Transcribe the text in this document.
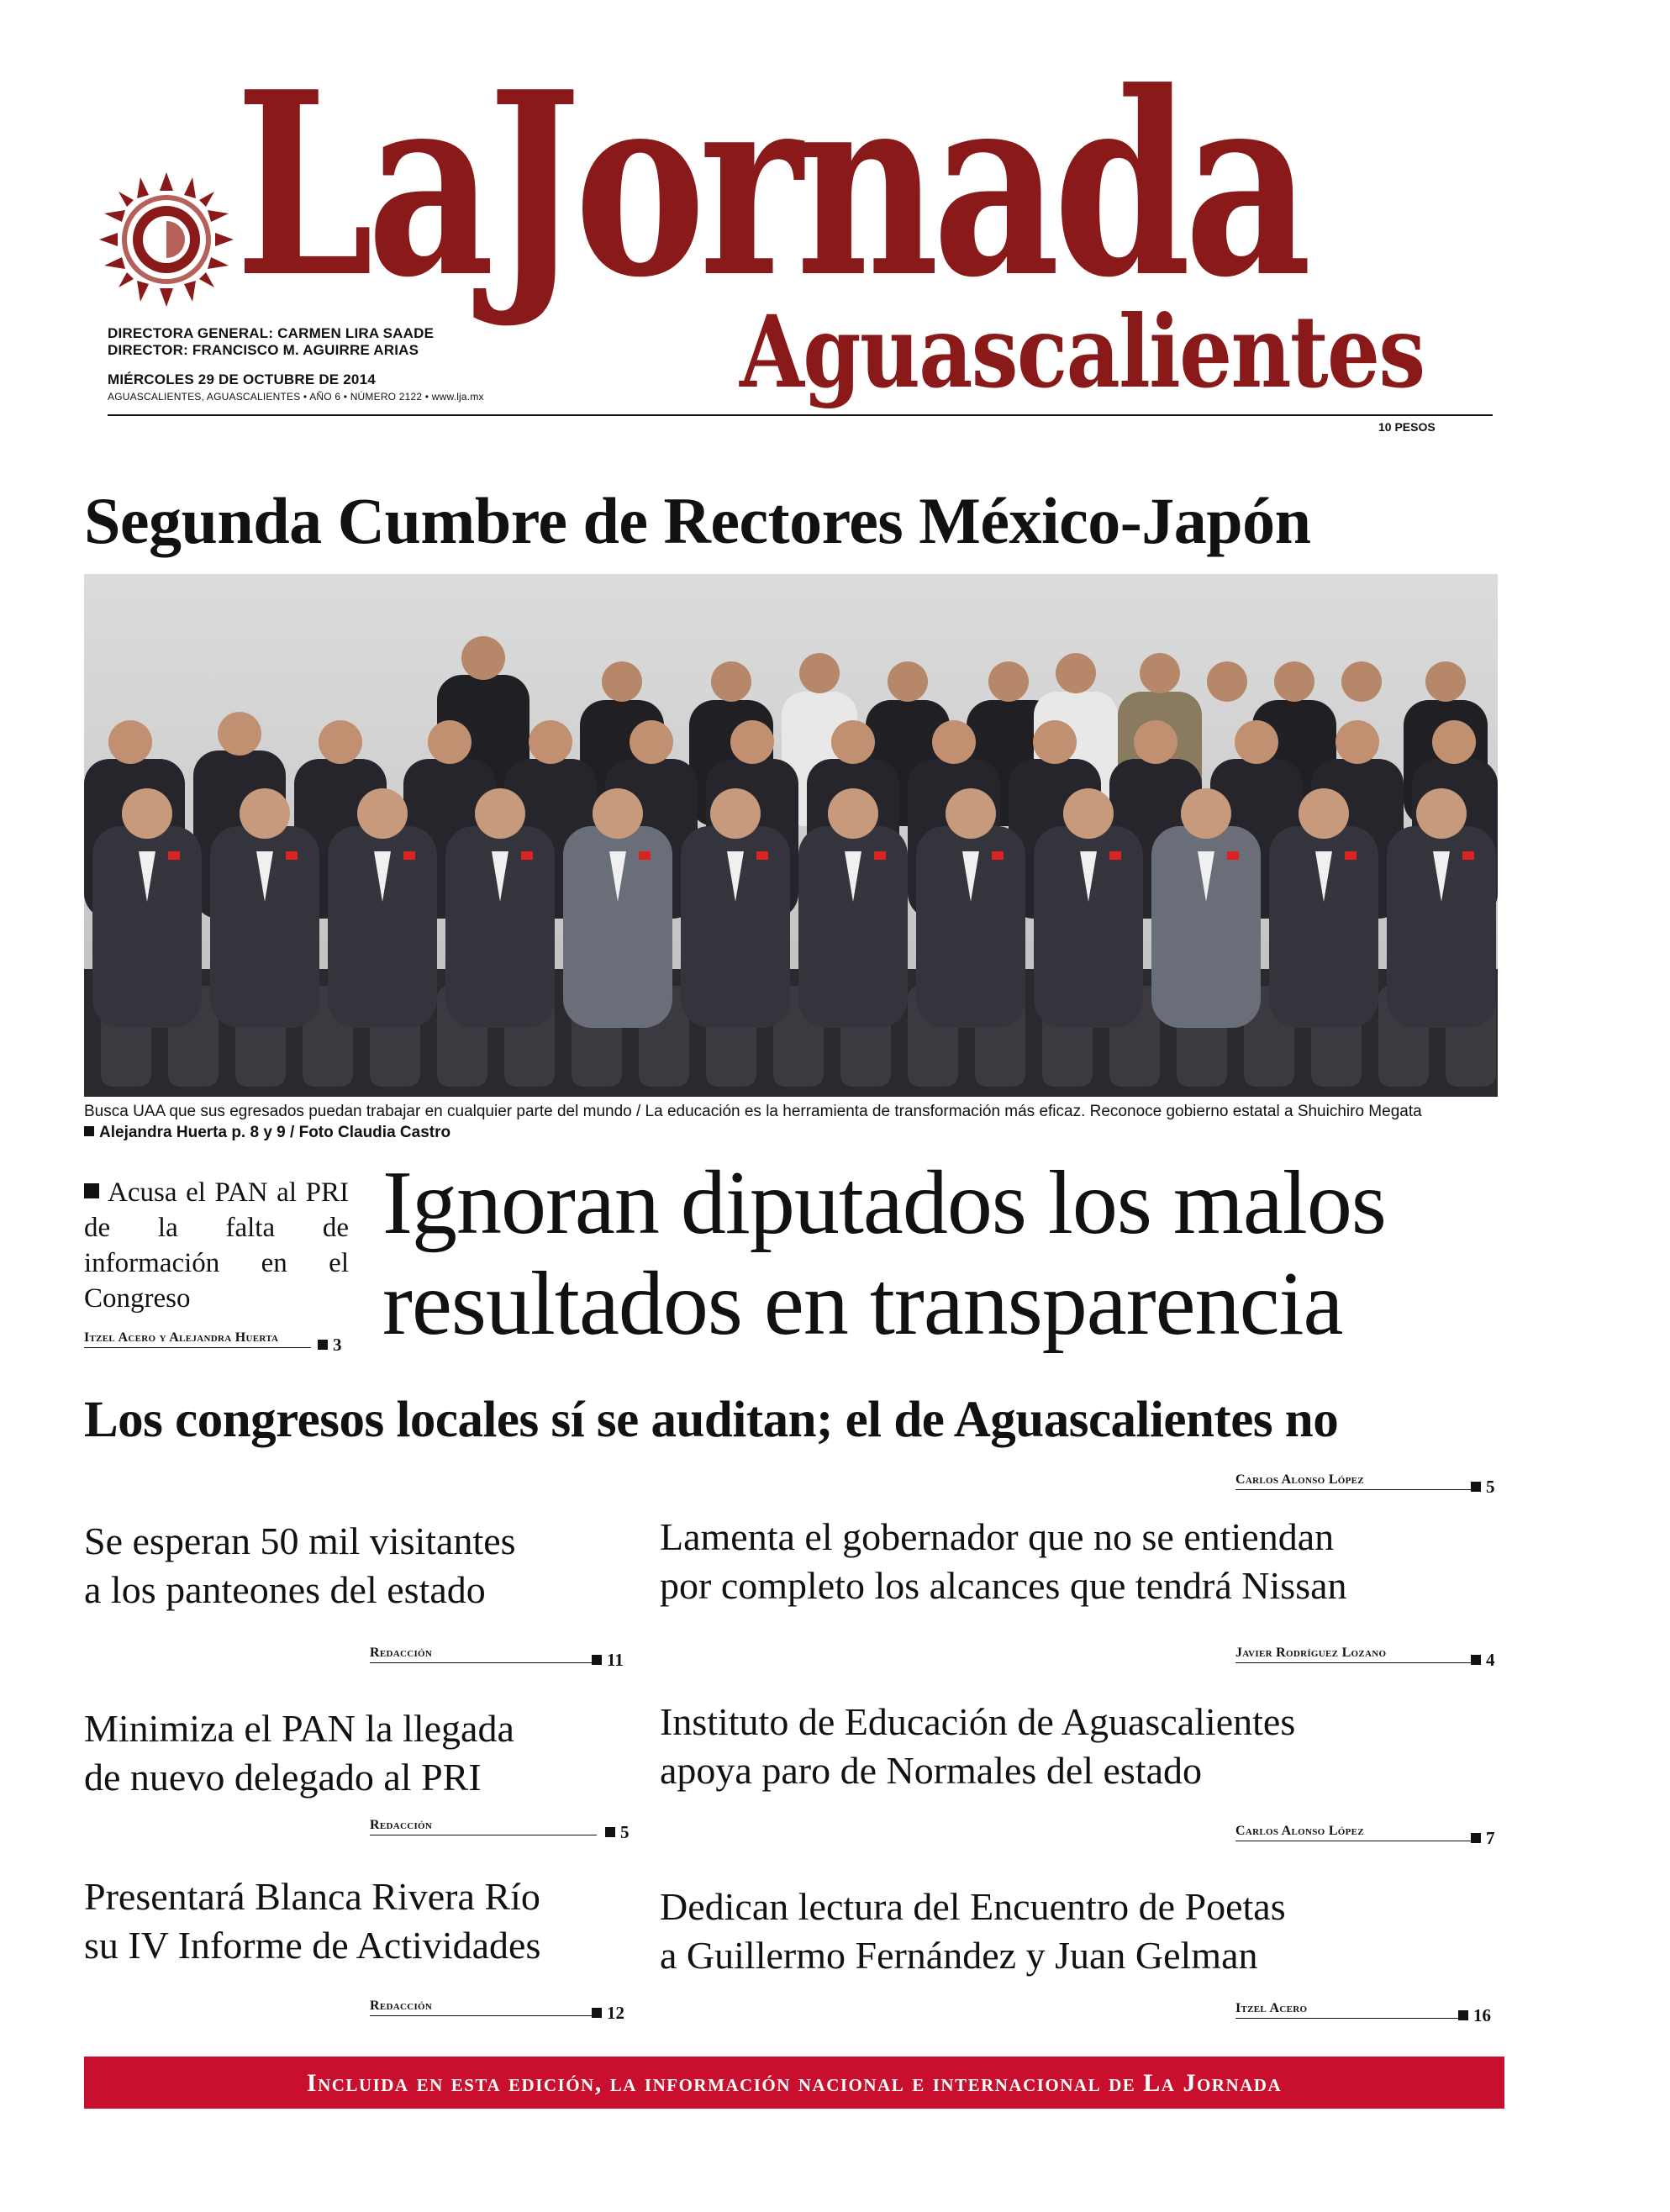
LaJornada
Aguascalientes
DIRECTORA GENERAL: CARMEN LIRA SAADE
DIRECTOR: FRANCISCO M. AGUIRRE ARIAS
MIÉRCOLES 29 DE OCTUBRE DE 2014
AGUASCALIENTES, AGUASCALIENTES • AÑO 6 • NÚMERO 2122 • www.lja.mx
10 PESOS
Segunda Cumbre de Rectores México-Japón
Busca UAA que sus egresados puedan trabajar en cualquier parte del mundo / La educación es la herramienta de transformación más eficaz. Reconoce gobierno estatal a Shuichiro Megata
Alejandra Huerta p. 8 y 9 / Foto Claudia Castro
Acusa el PAN al PRI de la falta de información en el Congreso
Itzel Acero y Alejandra Huerta	3
Ignoran diputados los malos
resultados en transparencia
Los congresos locales sí se auditan; el de Aguascalientes no
Carlos Alonso López	5
Se esperan 50 mil visitantes
a los panteones del estado
Redacción	11
Minimiza el PAN la llegada
de nuevo delegado al PRI
Redacción	5
Presentará Blanca Rivera Río
su IV Informe de Actividades
Redacción	12
Lamenta el gobernador que no se entiendan
por completo los alcances que tendrá Nissan
Javier Rodríguez Lozano	4
Instituto de Educación de Aguascalientes
apoya paro de Normales del estado
Carlos Alonso López	7
Dedican lectura del Encuentro de Poetas
a Guillermo Fernández y Juan Gelman
Itzel Acero	16
Incluida en esta edición, la información nacional e internacional de La Jornada
